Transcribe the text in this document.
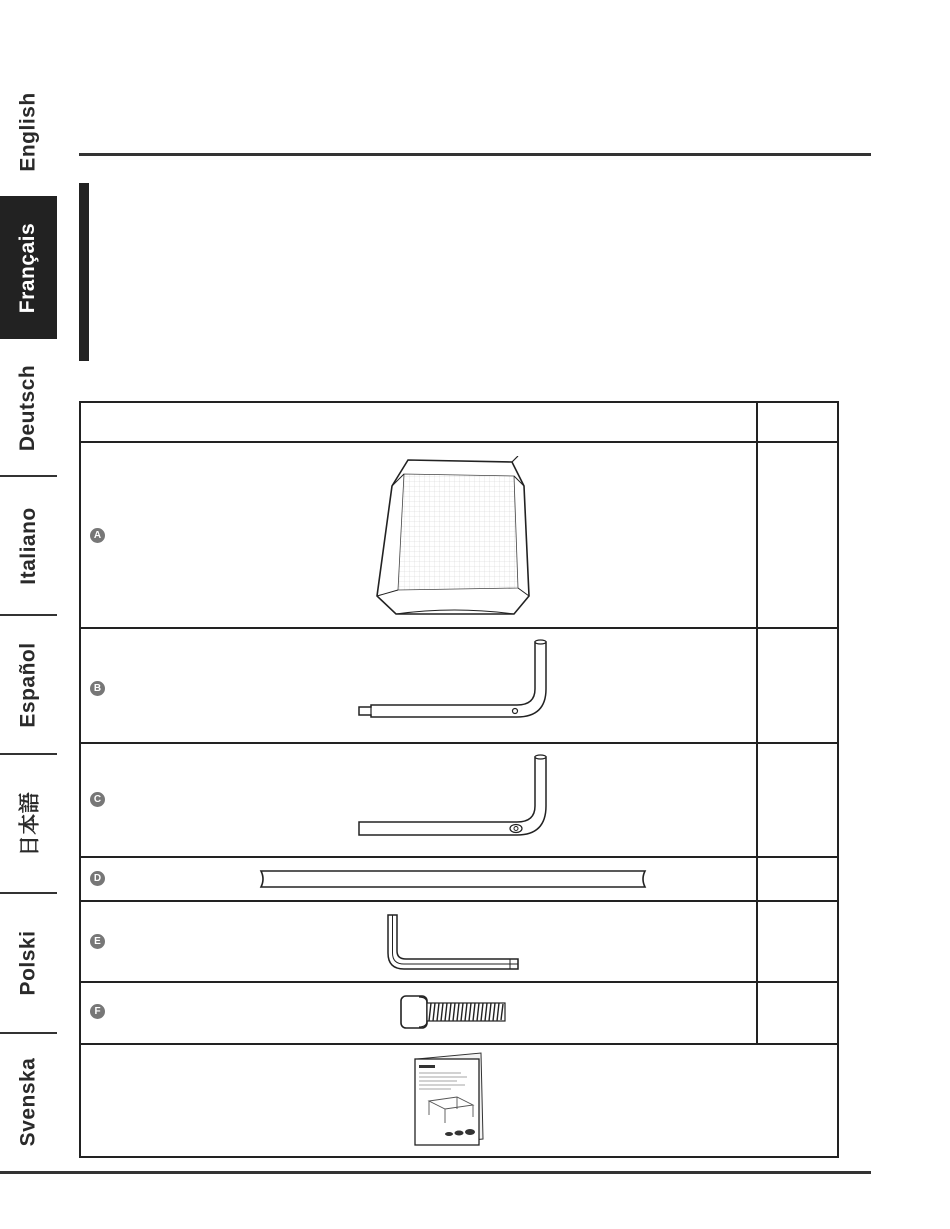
English
Français
Deutsch
Italiano
Español
日本語
Polski
Svenska
A
B
C
D
E
F
